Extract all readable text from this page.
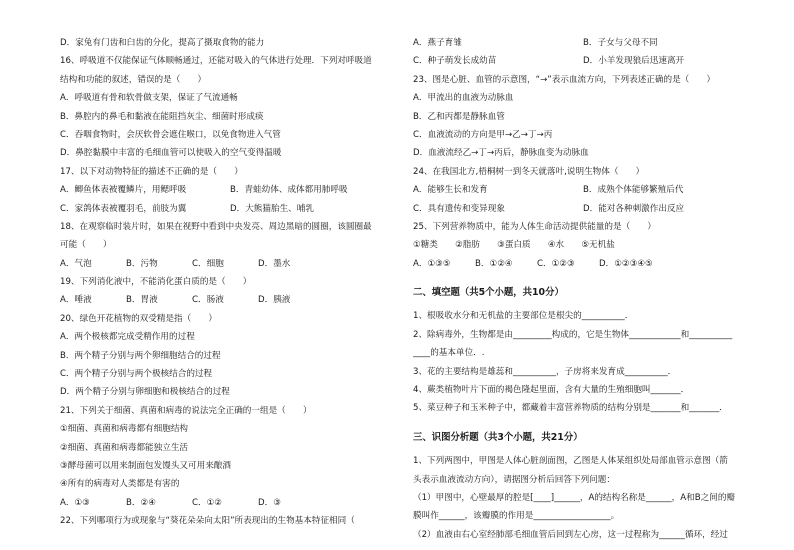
D．家兔有门齿和臼齿的分化，提高了摄取食物的能力
16、呼吸道不仅能保证气体顺畅通过，还能对吸入的气体进行处理．下列对呼吸道
结构和功能的叙述，错误的是（　　）
A．呼吸道有骨和软骨做支架，保证了气流通畅
B．鼻腔内的鼻毛和黏液在能阻挡灰尘、细菌时形成痰
C．吞咽食物时，会厌软骨会遮住喉口，以免食物进入气管
D．鼻腔黏膜中丰富的毛细血管可以使吸入的空气变得温暖
17、以下对动物特征的描述不正确的是（　　）
A．鲫鱼体表被覆鳞片，用鳃呼吸	B．青蛙幼体、成体都用肺呼吸
C．家鸽体表被覆羽毛，前肢为翼	D．大熊猫胎生、哺乳
18、在观察临时装片时，如果在视野中看到中央发亮、周边黑暗的圆圈，该圆圈最
可能（　　）
A．气泡	B．污物	C．细胞	D．墨水
19、下列消化液中，不能消化蛋白质的是（　　）
A．唾液	B．胃液	C．肠液	D．胰液
20、绿色开花植物的双受精是指（　　）
A．两个极核都完成受精作用的过程
B．两个精子分别与两个卵细胞结合的过程
C．两个精子分别与两个极核结合的过程
D．两个精子分别与卵细胞和极核结合的过程
21、下列关于细菌、真菌和病毒的说法完全正确的一组是（　　）
①细菌、真菌和病毒都有细胞结构
②细菌、真菌和病毒都能独立生活
③酵母菌可以用来制面包发馒头又可用来酿酒
④所有的病毒对人类都是有害的
A．①③	B．②④	C．①②	D．③
22、下列哪项行为或现象与“葵花朵朵向太阳”所表现出的生物基本特征相同（
A．燕子育雏	B．子女与父母不同
C．种子萌发长成幼苗	D．小羊发现狼后迅速离开
23、图是心脏、血管的示意图，“→”表示血流方向，下列表述正确的是（　　）
A．甲流出的血液为动脉血
B．乙和丙都是静脉血管
C．血液流动的方向是甲→乙→丁→丙
D．血液流经乙→丁→丙后，静脉血变为动脉血
24、在我国北方,梧桐树一到冬天就落叶,说明生物体（　　）
A．能够生长和发育	B．成熟个体能够繁殖后代
C．具有遗传和变异现象	D．能对各种刺激作出反应
25、下列营养物质中，能为人体生命活动提供能量的是（　　）
①糖类　　②脂肪　　③蛋白质　　④水　　⑤无机盐
A．①③⑤	B．①②④	C．①②③	D．①②③④⑤
二、填空题（共5个小题，共10分）
1、根吸收水分和无机盐的主要部位是根尖的__________．
2、除病毒外，生物都是由_________构成的，它是生物体____________和__________
____的基本单位．.
3、花的主要结构是雄蕊和__________，子房将来发育成__________．
4、蕨类植物叶片下面的褐色隆起里面，含有大量的生殖细胞叫_______．
5、菜豆种子和玉米种子中，都藏着丰富营养物质的结构分别是_______和_______．
三、识图分析题（共3个小题，共21分）
1、下列两图中，甲图是人体心脏剖面图，乙图是人体某组织处局部血管示意图（箭
头表示血液流动方向），请据图分析后回答下列问题：
（1）甲图中，心壁最厚的腔是[____]______，A的结构名称是______，A和B之间的瓣
膜叫作______，该瓣膜的作用是__________________。
（2）血液由右心室经肺部毛细血管后回到左心房，这一过程称为______循环，经过
